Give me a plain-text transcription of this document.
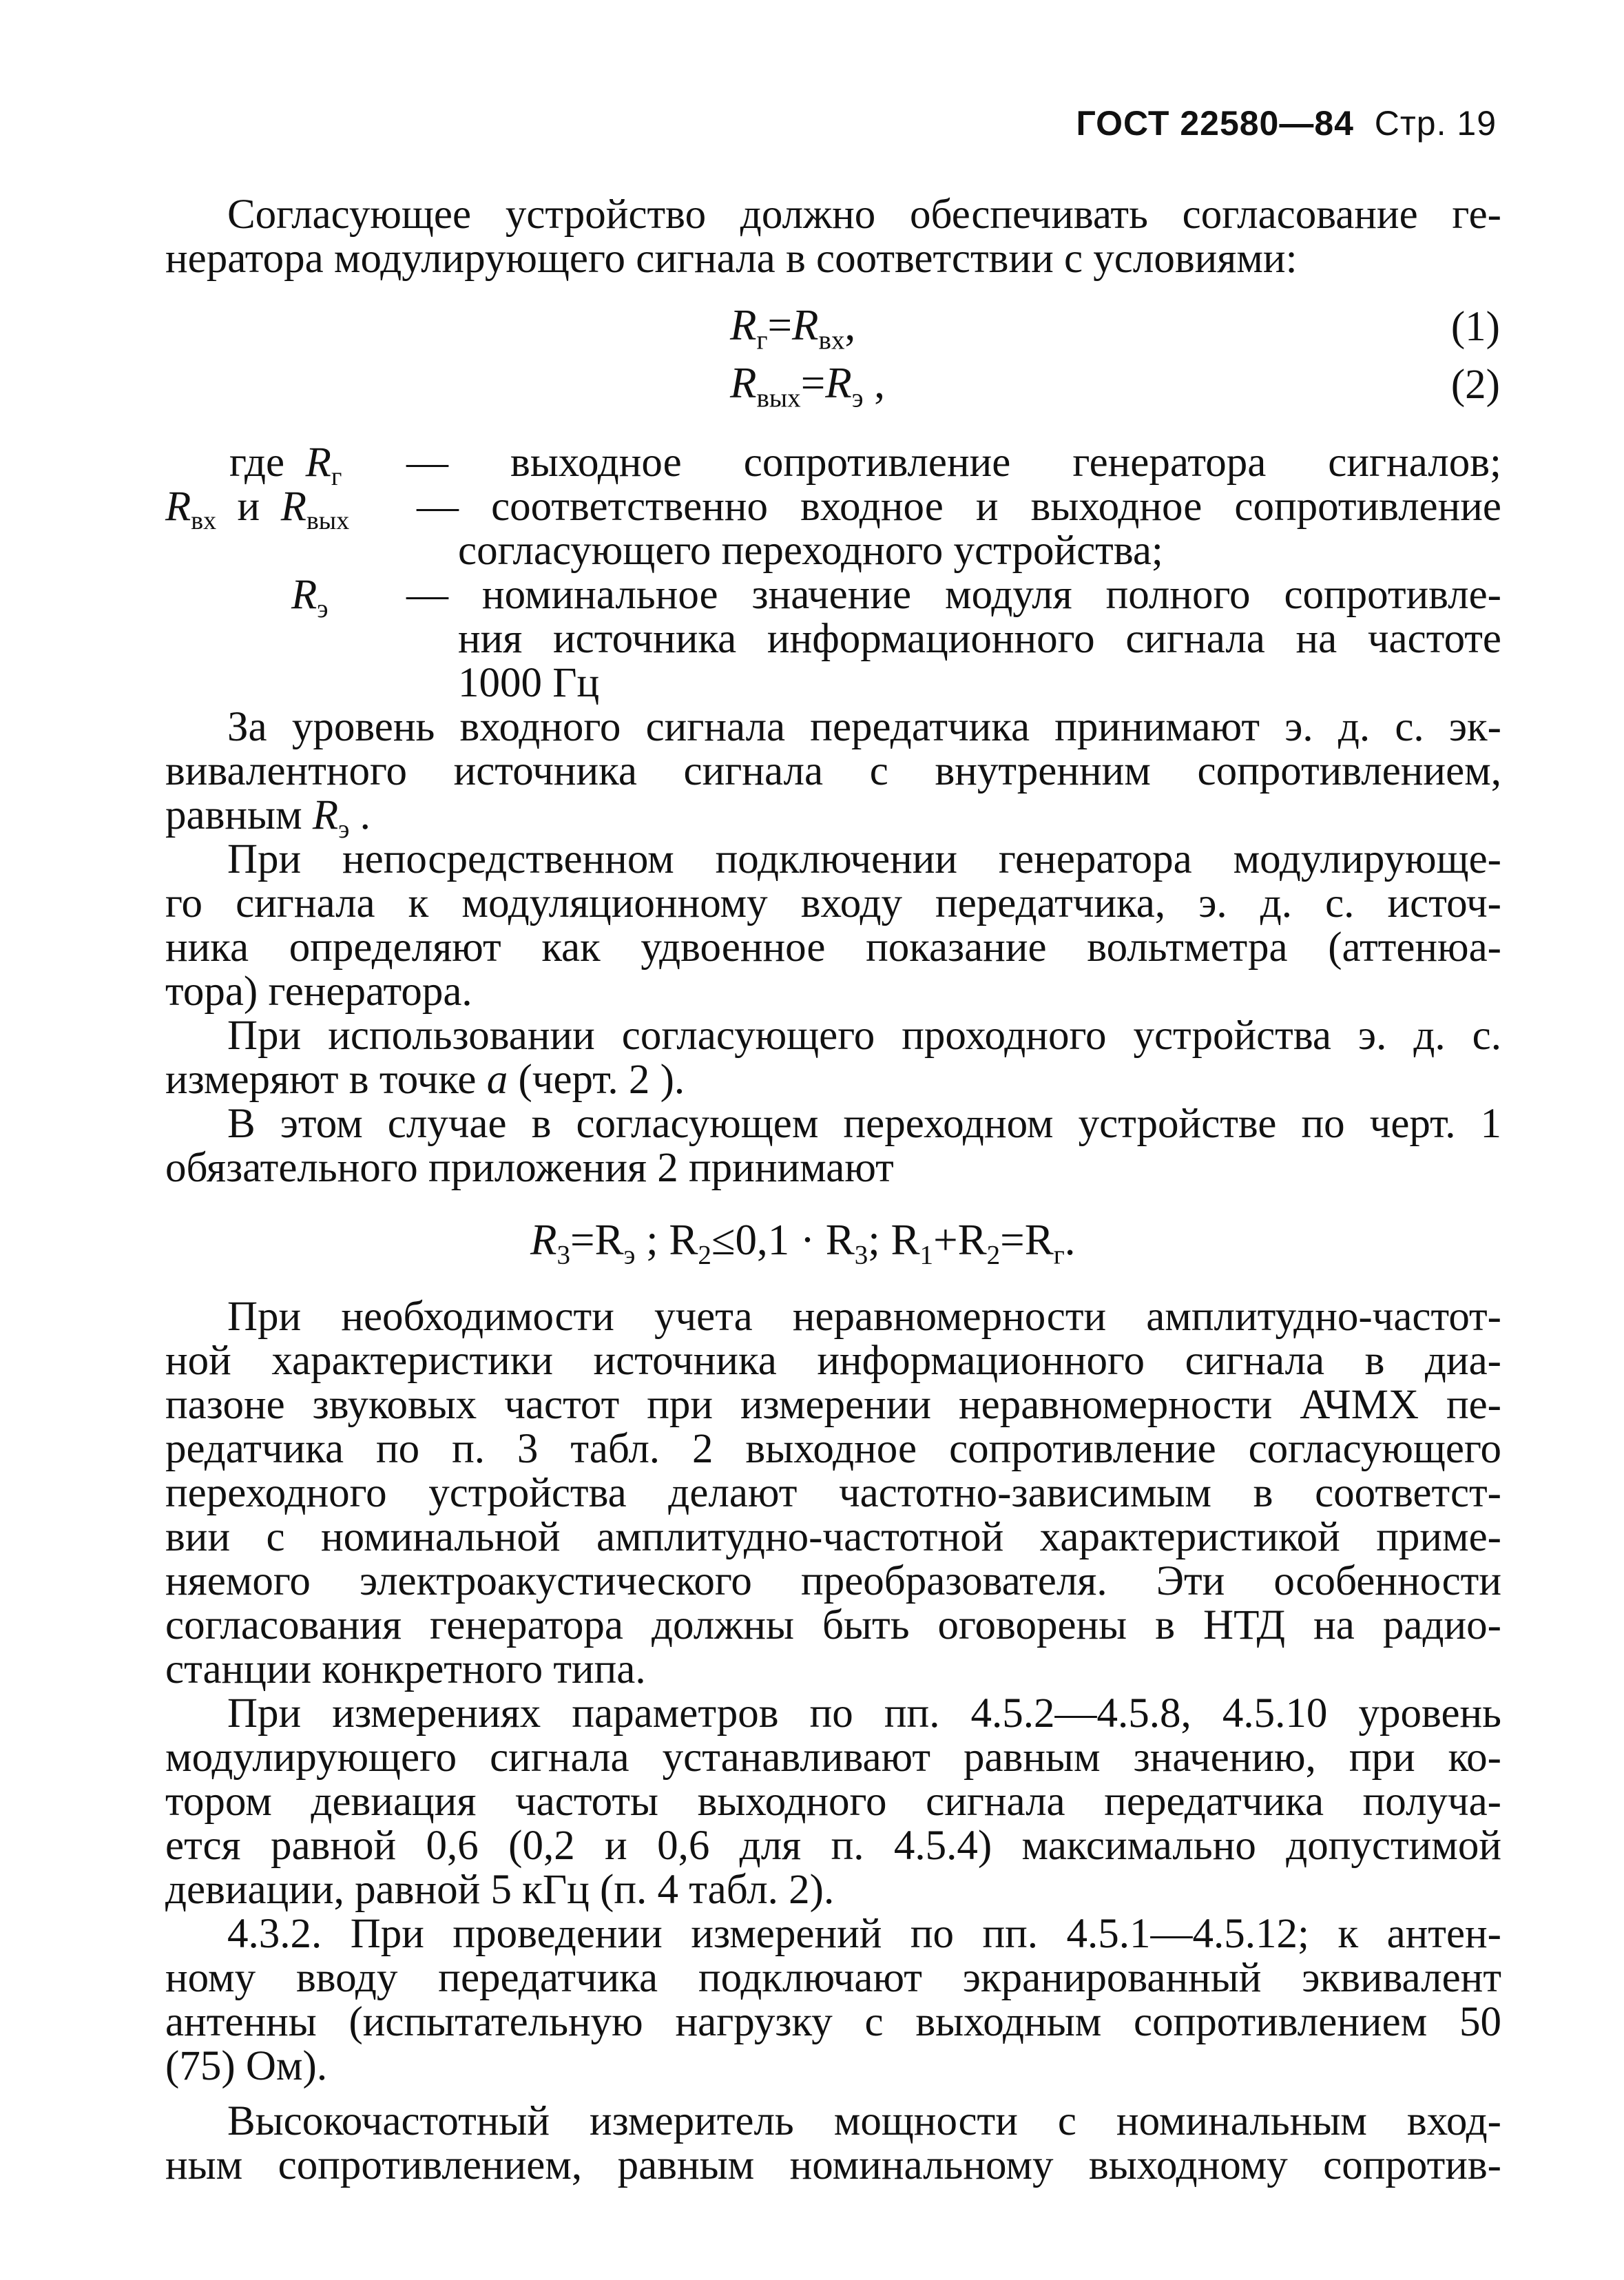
ГОСТ 22580—84 Стр. 19
Согласующее устройство должно обеспечивать согласование ге-
нератора модулирующего сигнала в соответствии с условиями:
$R_г=R_{вх}$,	(1)
$R_{вых}=R_э$ ,	(2)
где $R_г$ — выходное сопротивление генератора сигналов;
$R_{вх}$ и $R_{вых}$ — соответственно входное и выходное сопротивление
согласующего переходного устройства;
$R_э$ — номинальное значение модуля полного сопротивле-
ния источника информационного сигнала на частоте
1000 Гц
За уровень входного сигнала передатчика принимают э. д. с. эк-
вивалентного источника сигнала с внутренним сопротивлением,
равным $R_э$ .
При непосредственном подключении генератора модулирующе-
го сигнала к модуляционному входу передатчика, э. д. с. источ-
ника определяют как удвоенное показание вольтметра (аттенюа-
тора) генератора.
При использовании согласующего проходного устройства э. д. с.
измеряют в точке a (черт. 2 ).
В этом случае в согласующем переходном устройстве по черт. 1
обязательного приложения 2 принимают
$R_3=R_э$ ; $R_2\le 0,1 \cdot R_3$; $R_1+R_2=R_г$.
При необходимости учета неравномерности амплитудно-частот-
ной характеристики источника информационного сигнала в диа-
пазоне звуковых частот при измерении неравномерности АЧМХ пе-
редатчика по п. 3 табл. 2 выходное сопротивление согласующего
переходного устройства делают частотно-зависимым в соответст-
вии с номинальной амплитудно-частотной характеристикой приме-
няемого электроакустического преобразователя. Эти особенности
согласования генератора должны быть оговорены в НТД на радио-
станции конкретного типа.
При измерениях параметров по пп. 4.5.2—4.5.8, 4.5.10 уровень
модулирующего сигнала устанавливают равным значению, при ко-
тором девиация частоты выходного сигнала передатчика получа-
ется равной 0,6 (0,2 и 0,6 для п. 4.5.4) максимально допустимой
девиации, равной 5 кГц (п. 4 табл. 2).
4.3.2. При проведении измерений по пп. 4.5.1—4.5.12; к антен-
ному вводу передатчика подключают экранированный эквивалент
антенны (испытательную нагрузку с выходным сопротивлением 50
(75) Ом).
Высокочастотный измеритель мощности с номинальным вход-
ным сопротивлением, равным номинальному выходному сопротив-
